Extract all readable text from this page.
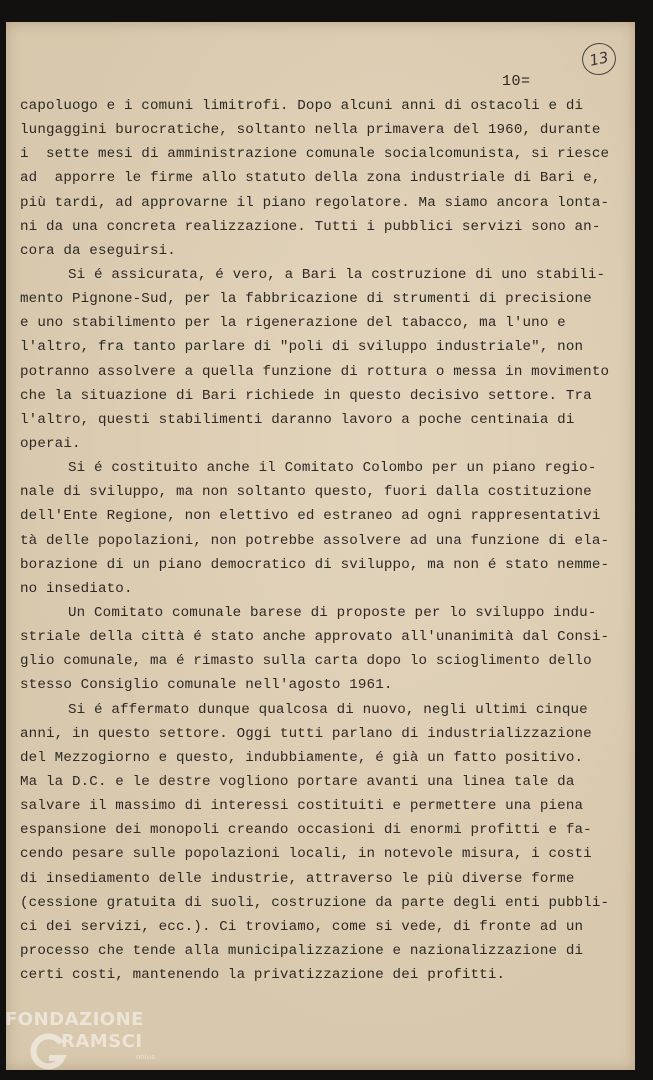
10=
13
capoluogo e i comuni limitrofi. Dopo alcuni anni di ostacoli e di
lungaggini burocratiche, soltanto nella primavera del 1960, durante
i  sette mesi di amministrazione comunale socialcomunista, si riesce
ad  apporre le firme allo statuto della zona industriale di Bari e,
più tardi, ad approvarne il piano regolatore. Ma siamo ancora lonta-
ni da una concreta realizzazione. Tutti i pubblici servizi sono an-
cora da eseguirsi.
Si é assicurata, é vero, a Bari la costruzione di uno stabili-
mento Pignone-Sud, per la fabbricazione di strumenti di precisione
e uno stabilimento per la rigenerazione del tabacco, ma l'uno e
l'altro, fra tanto parlare di "poli di sviluppo industriale", non
potranno assolvere a quella funzione di rottura o messa in movimento
che la situazione di Bari richiede in questo decisivo settore. Tra
l'altro, questi stabilimenti daranno lavoro a poche centinaia di
operai.
Si é costituito anche il Comitato Colombo per un piano regio-
nale di sviluppo, ma non soltanto questo, fuori dalla costituzione
dell'Ente Regione, non elettivo ed estraneo ad ogni rappresentativi
tà delle popolazioni, non potrebbe assolvere ad una funzione di ela-
borazione di un piano democratico di sviluppo, ma non é stato nemme-
no insediato.
Un Comitato comunale barese di proposte per lo sviluppo indu-
striale della città é stato anche approvato all'unanimità dal Consi-
glio comunale, ma é rimasto sulla carta dopo lo scioglimento dello
stesso Consiglio comunale nell'agosto 1961.
Si é affermato dunque qualcosa di nuovo, negli ultimi cinque
anni, in questo settore. Oggi tutti parlano di industrializzazione
del Mezzogiorno e questo, indubbiamente, é già un fatto positivo.
Ma la D.C. e le destre vogliono portare avanti una linea tale da
salvare il massimo di interessi costituiti e permettere una piena
espansione dei monopoli creando occasioni di enormi profitti e fa-
cendo pesare sulle popolazioni locali, in notevole misura, i costi
di insediamento delle industrie, attraverso le più diverse forme
(cessione gratuita di suoli, costruzione da parte degli enti pubbli-
ci dei servizi, ecc.). Ci troviamo, come si vede, di fronte ad un
processo che tende alla municipalizzazione e nazionalizzazione di
certi costi, mantenendo la privatizzazione dei profitti.
FONDAZIONE
RAMSCI
onlus
